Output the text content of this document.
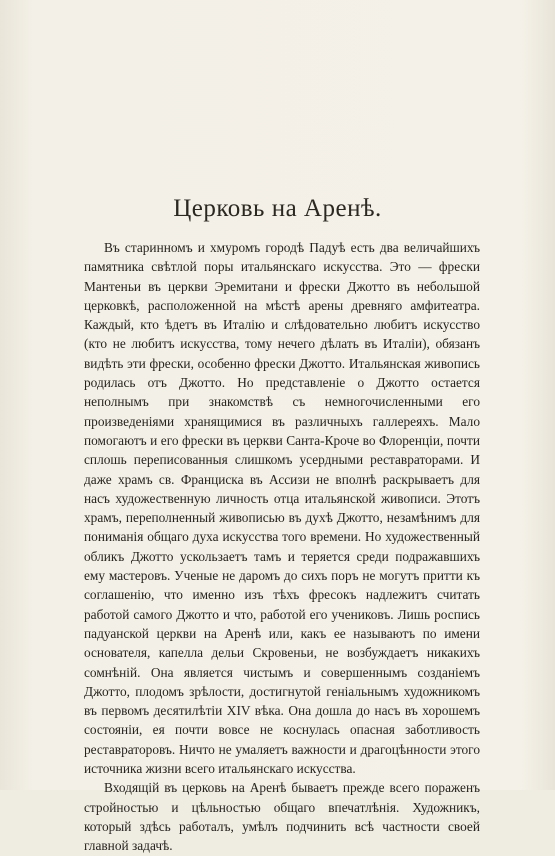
Церковь на Аренѣ.

Въ старинномъ и хмуромъ городѣ Падуѣ есть два величайшихъ памятника свѣтлой поры итальянскаго искусства. Это — фрески Мантеньи въ церкви Эремитани и фрески Джотто въ небольшой церковкѣ, расположенной на мѣстѣ арены древняго амфитеатра. Каждый, кто ѣдетъ въ Италію и слѣдовательно любитъ искусство (кто не любитъ искусства, тому нечего дѣлать въ Италіи), обязанъ видѣть эти фрески, особенно фрески Джотто. Итальянская живопись родилась отъ Джотто. Но представленіе о Джотто остается неполнымъ при знакомствѣ съ немногочисленными его произведеніями хранящимися въ различныхъ галлереяхъ. Мало помогаютъ и его фрески въ церкви Санта-Кроче во Флоренціи, почти сплошь переписованныя слишкомъ усердными реставраторами. И даже храмъ св. Франциска въ Ассизи не вполнѣ раскрываетъ для насъ художественную личность отца итальянской живописи. Этотъ храмъ, переполненный живописью въ духѣ Джотто, незамѣнимъ для пониманія общаго духа искусства того времени. Но художественный обликъ Джотто ускользаетъ тамъ и теряется среди подражавшихъ ему мастеровъ. Ученые не даромъ до сихъ поръ не могутъ притти къ соглашенію, что именно изъ тѣхъ фресокъ надлежитъ считать работой самого Джотто и что, работой его учениковъ. Лишь роспись падуанской церкви на Аренѣ или, какъ ее называютъ по имени основателя, капелла дельи Скровеньи, не возбуждаетъ никакихъ сомнѣній. Она является чистымъ и совершеннымъ созданіемъ Джотто, плодомъ зрѣлости, достигнутой геніальнымъ художникомъ въ первомъ десятилѣтіи XIV вѣка. Она дошла до насъ въ хорошемъ состояніи, ея почти вовсе не коснулась опасная заботливость реставраторовъ. Ничто не умаляетъ важности и драгоцѣнности этого источника жизни всего итальянскаго искусства.

Входящій въ церковь на Аренѣ бываетъ прежде всего пораженъ стройностью и цѣльностью общаго впечатлѣнія. Художникъ, который здѣсь работалъ, умѣлъ подчинить всѣ частности своей главной задачѣ.
